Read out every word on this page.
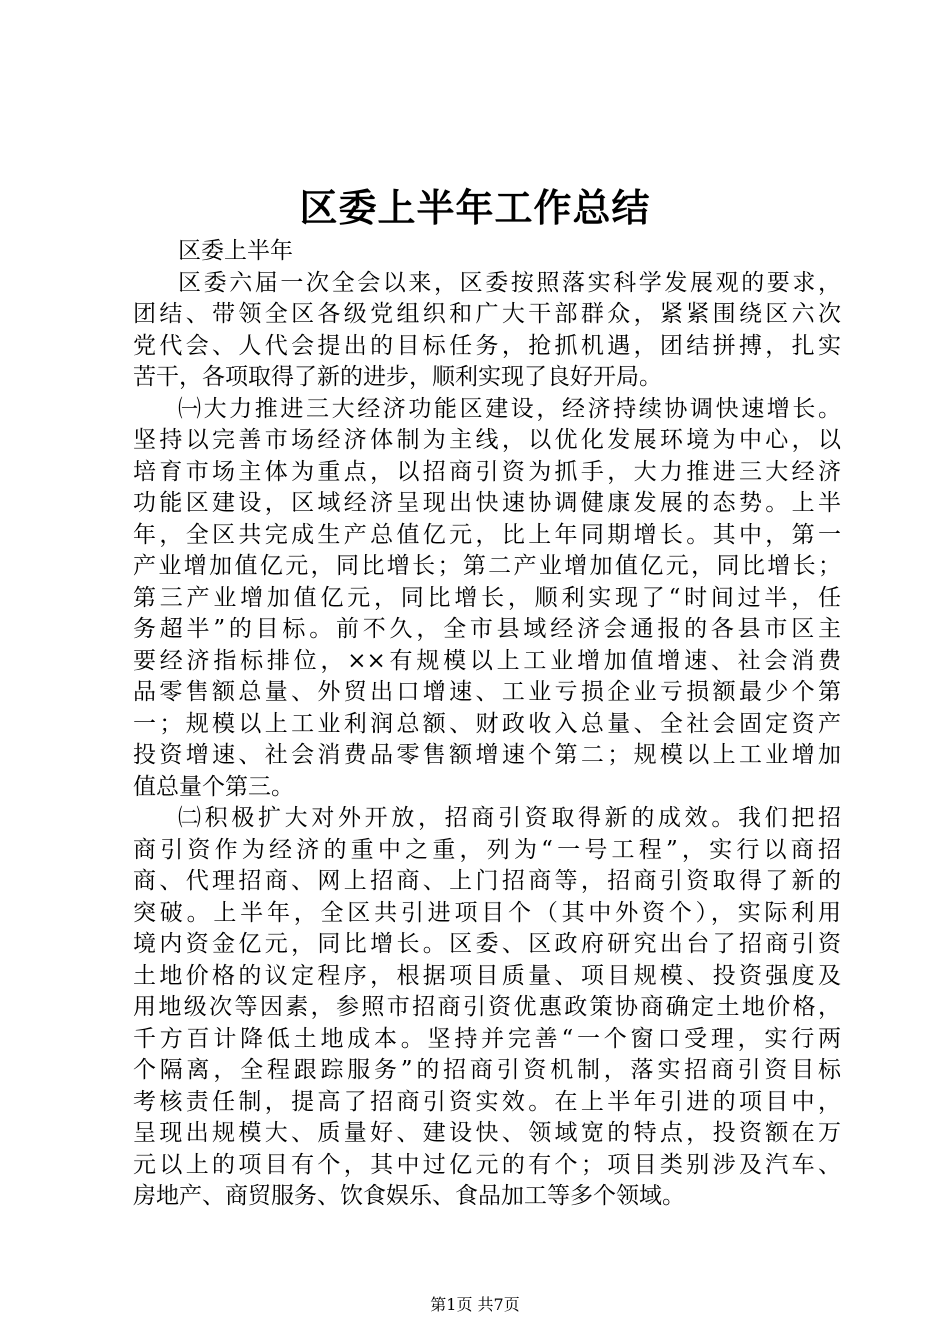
区委上半年工作总结
区委上半年
区委六届一次全会以来，区委按照落实科学发展观的要求，
团结、带领全区各级党组织和广大干部群众，紧紧围绕区六次
党代会、人代会提出的目标任务，抢抓机遇，团结拼搏，扎实
苦干，各项取得了新的进步，顺利实现了良好开局。
㈠大力推进三大经济功能区建设，经济持续协调快速增长。
坚持以完善市场经济体制为主线，以优化发展环境为中心，以
培育市场主体为重点，以招商引资为抓手，大力推进三大经济
功能区建设，区域经济呈现出快速协调健康发展的态势。上半
年，全区共完成生产总值亿元，比上年同期增长。其中，第一
产业增加值亿元，同比增长；第二产业增加值亿元，同比增长；
第三产业增加值亿元，同比增长，顺利实现了“时间过半，任
务超半”的目标。前不久，全市县域经济会通报的各县市区主
要经济指标排位，××有规模以上工业增加值增速、社会消费
品零售额总量、外贸出口增速、工业亏损企业亏损额最少个第
一；规模以上工业利润总额、财政收入总量、全社会固定资产
投资增速、社会消费品零售额增速个第二；规模以上工业增加
值总量个第三。
㈡积极扩大对外开放，招商引资取得新的成效。我们把招
商引资作为经济的重中之重，列为“一号工程”，实行以商招
商、代理招商、网上招商、上门招商等，招商引资取得了新的
突破。上半年，全区共引进项目个（其中外资个），实际利用
境内资金亿元，同比增长。区委、区政府研究出台了招商引资
土地价格的议定程序，根据项目质量、项目规模、投资强度及
用地级次等因素，参照市招商引资优惠政策协商确定土地价格，
千方百计降低土地成本。坚持并完善“一个窗口受理，实行两
个隔离，全程跟踪服务”的招商引资机制，落实招商引资目标
考核责任制，提高了招商引资实效。在上半年引进的项目中，
呈现出规模大、质量好、建设快、领域宽的特点，投资额在万
元以上的项目有个，其中过亿元的有个；项目类别涉及汽车、
房地产、商贸服务、饮食娱乐、食品加工等多个领域。
第1页 共7页
